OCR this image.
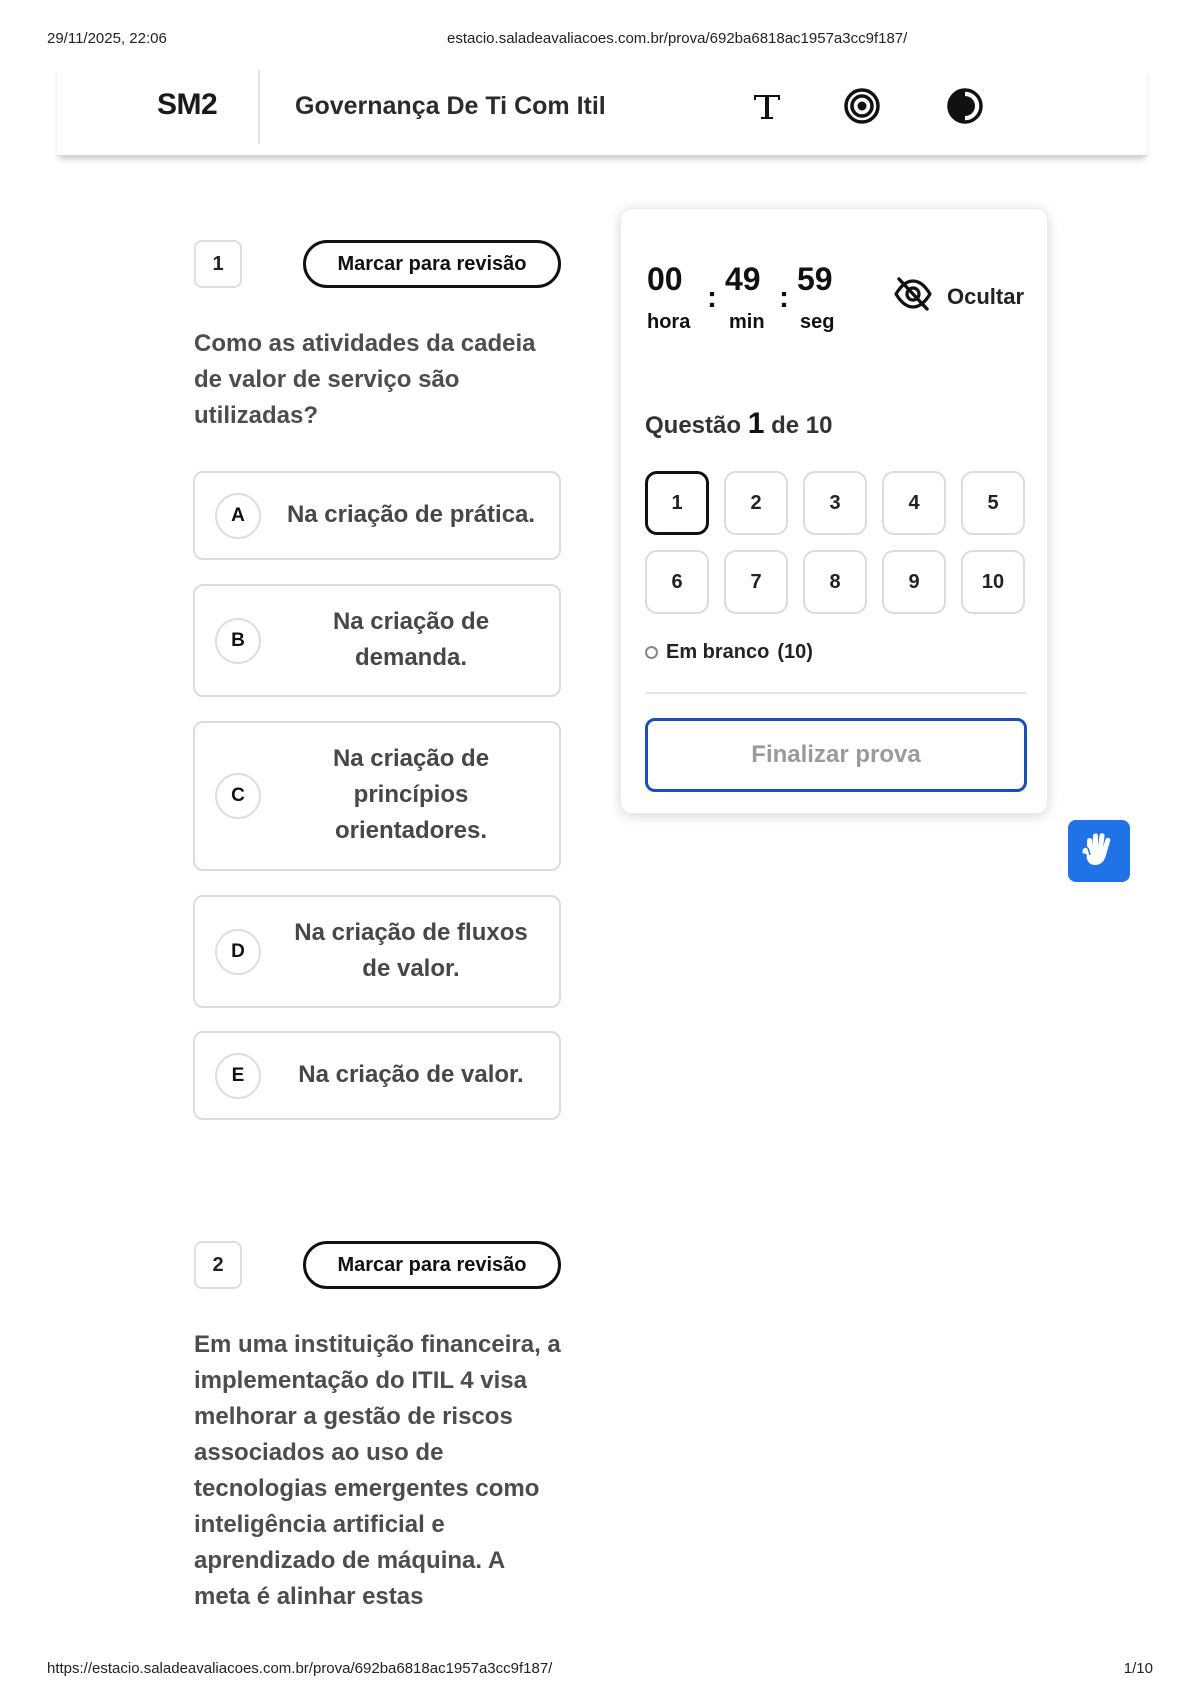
29/11/2025, 22:06	estacio.saladeavaliacoes.com.br/prova/692ba6818ac1957a3cc9f187/
SM2	Governança De Ti Com Itil
1	Marcar para revisão
Como as atividades da cadeia
de valor de serviço são
utilizadas?
A	Na criação de prática.
B
Na criação de
demanda.
C
Na criação de
princípios
orientadores.
D
Na criação de fluxos
de valor.
E	Na criação de valor.
2	Marcar para revisão
Em uma instituição financeira, a
implementação do ITIL 4 visa
melhorar a gestão de riscos
associados ao uso de
tecnologias emergentes como
inteligência artificial e
aprendizado de máquina. A
meta é alinhar estas
00
:
49
:
59
hora min seg
Ocultar
Questão 1 de 10
1	2	3	4	5
6	7	8	9	10
Em branco (10)
Finalizar prova
https://estacio.saladeavaliacoes.com.br/prova/692ba6818ac1957a3cc9f187/	1/10
